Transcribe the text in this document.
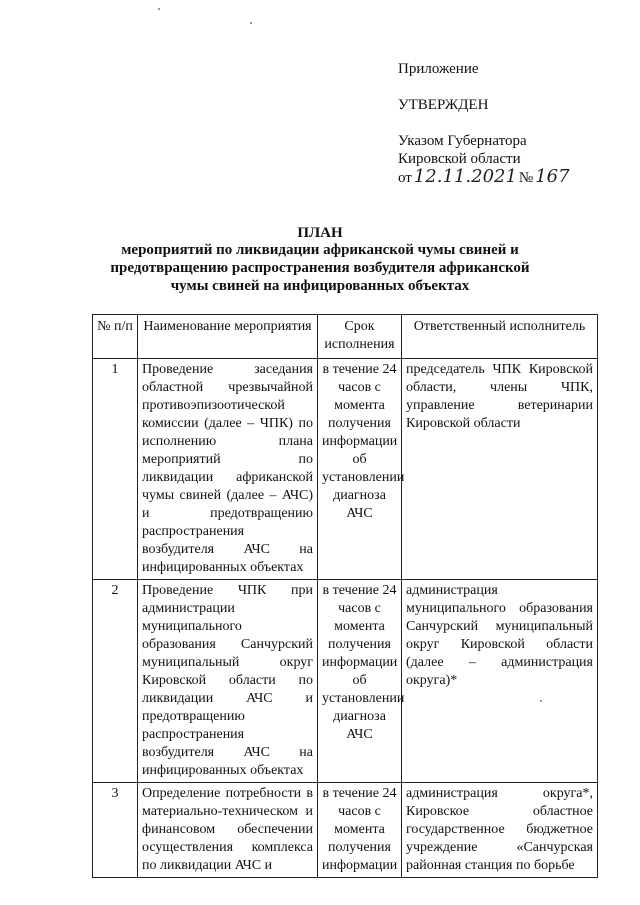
Приложение
УТВЕРЖДЕН
Указом Губернатора
Кировской области
от 12.11.2021 № 167
ПЛАН
мероприятий по ликвидации африканской чумы свиней и предотвращению распространения возбудителя африканской чумы свиней на инфицированных объектах
№ п/п	Наименование мероприятия	Срок исполнения	Ответственный исполнитель
1	Проведение заседания областной чрезвычайной противоэпизоотической комиссии (далее – ЧПК) по исполнению плана мероприятий по ликвидации африканской чумы свиней (далее – АЧС) и предотвращению распространения возбудителя АЧС на инфицированных объектах	в течение 24 часов с момента получения информации об установлении диагноза АЧС	председатель ЧПК Кировской области, члены ЧПК, управление ветеринарии Кировской области
2	Проведение ЧПК при администрации муниципального образования Санчурский муниципальный округ Кировской области по ликвидации АЧС и предотвращению распространения возбудителя АЧС на инфицированных объектах	в течение 24 часов с момента получения информации об установлении диагноза АЧС	администрация муниципального образования Санчурский муниципальный округ Кировской области (далее – администрация округа)*
3	Определение потребности в материально-техническом и финансовом обеспечении осуществления комплекса по ликвидации АЧС и	в течение 24 часов с момента получения информации	администрация округа*, Кировское областное государственное бюджетное учреждение «Санчурская районная станция по борьбе
